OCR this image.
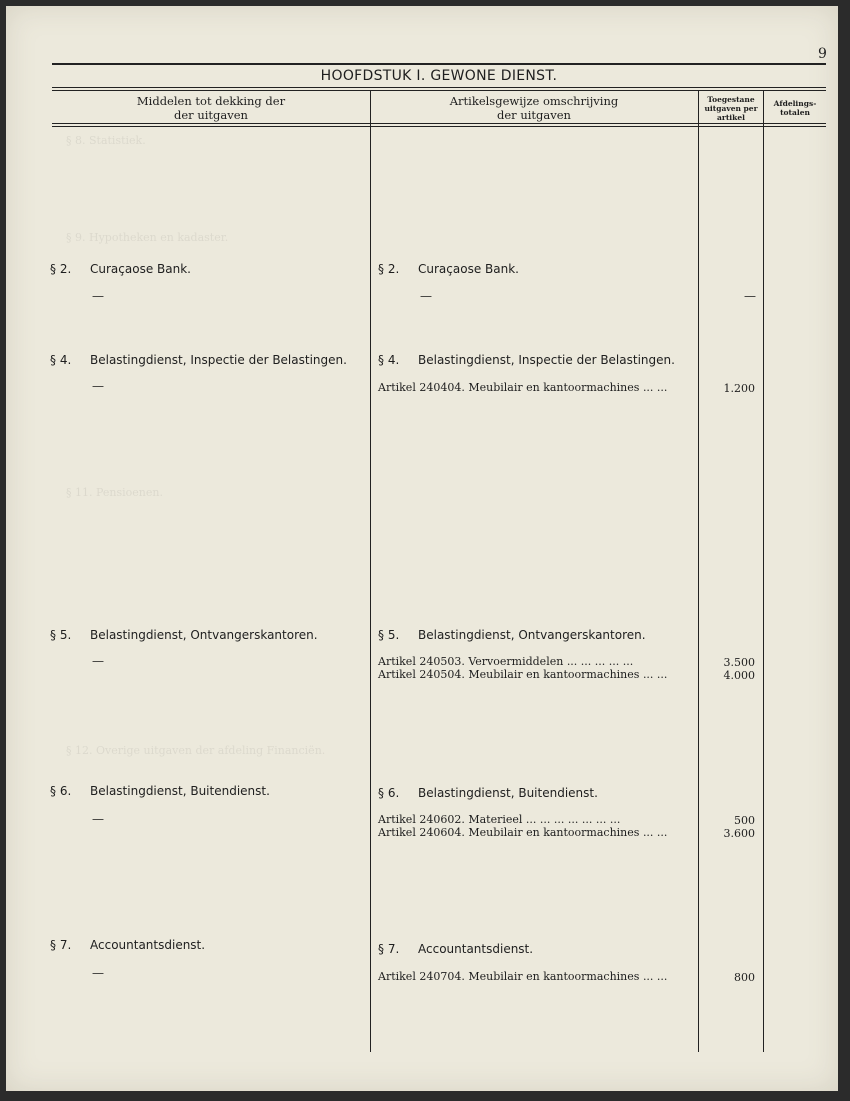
9
§ 8. Statistiek.
§ 9. Hypotheken en kadaster.
§ 11. Pensioenen.
§ 12. Overige uitgaven der afdeling Financiën.
HOOFDSTUK I. GEWONE DIENST.
Middelen tot dekking der
der uitgaven
Artikelsgewijze omschrijving
der uitgaven
Toegestane
uitgaven per
artikel
Afdelings-
totalen
§ 2. Curaçaose Bank.	§ 2. Curaçaose Bank.
—	—	—
§ 4. Belastingdienst, Inspectie der Belastingen.	§ 4. Belastingdienst, Inspectie der Belastingen.
—	Artikel 240404. Meubilair en kantoormachines ... ...	1.200
§ 5. Belastingdienst, Ontvangerskantoren.	§ 5. Belastingdienst, Ontvangerskantoren.
—	Artikel 240503. Vervoermiddelen ... ... ... ... ...	3.500
Artikel 240504. Meubilair en kantoormachines ... ...	4.000
§ 6. Belastingdienst, Buitendienst.	§ 6. Belastingdienst, Buitendienst.
—	Artikel 240602. Materieel ... ... ... ... ... ... ...	500
Artikel 240604. Meubilair en kantoormachines ... ...	3.600
§ 7. Accountantsdienst.	§ 7. Accountantsdienst.
—	Artikel 240704. Meubilair en kantoormachines ... ...	800
